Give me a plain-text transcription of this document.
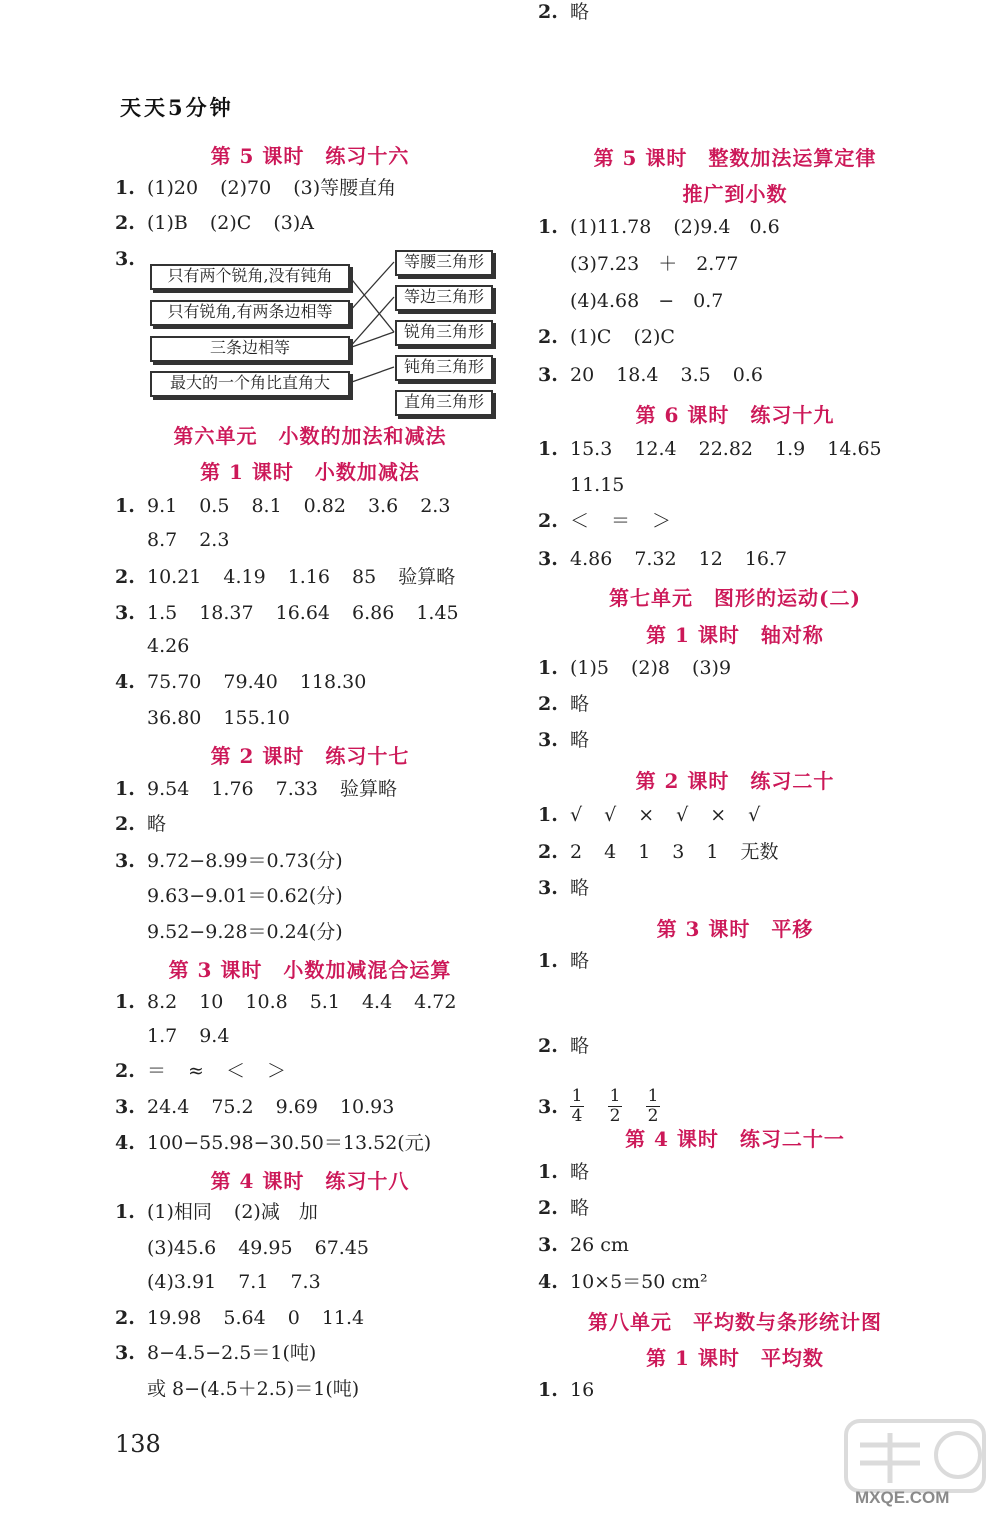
天天5分钟
第 5 课时　练习十六
1. (1)20 (2)70 (3)等腰直角
2. (1)B (2)C (3)A
3.
第六单元　小数的加法和减法
第 1 课时　小数加减法
1. 9.1 0.5 8.1 0.82 3.6 2.3
8.7 2.3
2. 10.21 4.19 1.16 85 验算略
3. 1.5 18.37 16.64 6.86 1.45
4.26
4. 75.70 79.40 118.30
36.80 155.10
第 2 课时　练习十七
1. 9.54 1.76 7.33 验算略
2. 略
3. 9.72−8.99＝0.73(分)
9.63−9.01＝0.62(分)
9.52−9.28＝0.24(分)
第 3 课时　小数加减混合运算
1. 8.2 10 10.8 5.1 4.4 4.72
1.7 9.4
2. ＝ ≈ ＜ ＞
3. 24.4 75.2 9.69 10.93
4. 100−55.98−30.50＝13.52(元)
第 4 课时　练习十八
1. (1)相同 (2)减　加
(3)45.6 49.95 67.45
(4)3.91 7.1 7.3
2. 19.98 5.64 0 11.4
3. 8−4.5−2.5＝1(吨)
或 8−(4.5＋2.5)＝1(吨)
第 5 课时　整数加法运算定律
推广到小数
1. (1)11.78 (2)9.4　0.6
(3)7.23　＋　2.77
(4)4.68　−　0.7
2. (1)C (2)C
3. 20 18.4 3.5 0.6
第 6 课时　练习十九
1. 15.3 12.4 22.82 1.9 14.65
11.15
2. ＜ ＝ ＞
3. 4.86 7.32 12 16.7
第七单元　图形的运动(二)
第 1 课时　轴对称
1. (1)5 (2)8 (3)9
2. 略
3. 略
第 2 课时　练习二十
1. √ √ × √ × √
2. 2 4 1 3 1 无数
3. 略
第 3 课时　平移
1. 略
2. 略
3. $\frac{1}{4} \frac{1}{2} \frac{1}{2}$
第 4 课时　练习二十一
1. 略
2. 略
3. 26 cm
4. 10×5＝50 cm²
第八单元　平均数与条形统计图
第 1 课时　平均数
1. 16
2. 略
只有两个锐角,没有钝角
只有锐角,有两条边相等
三条边相等
最大的一个角比直角大
等腰三角形
等边三角形
锐角三角形
钝角三角形
直角三角形
138
MXQE.COM
